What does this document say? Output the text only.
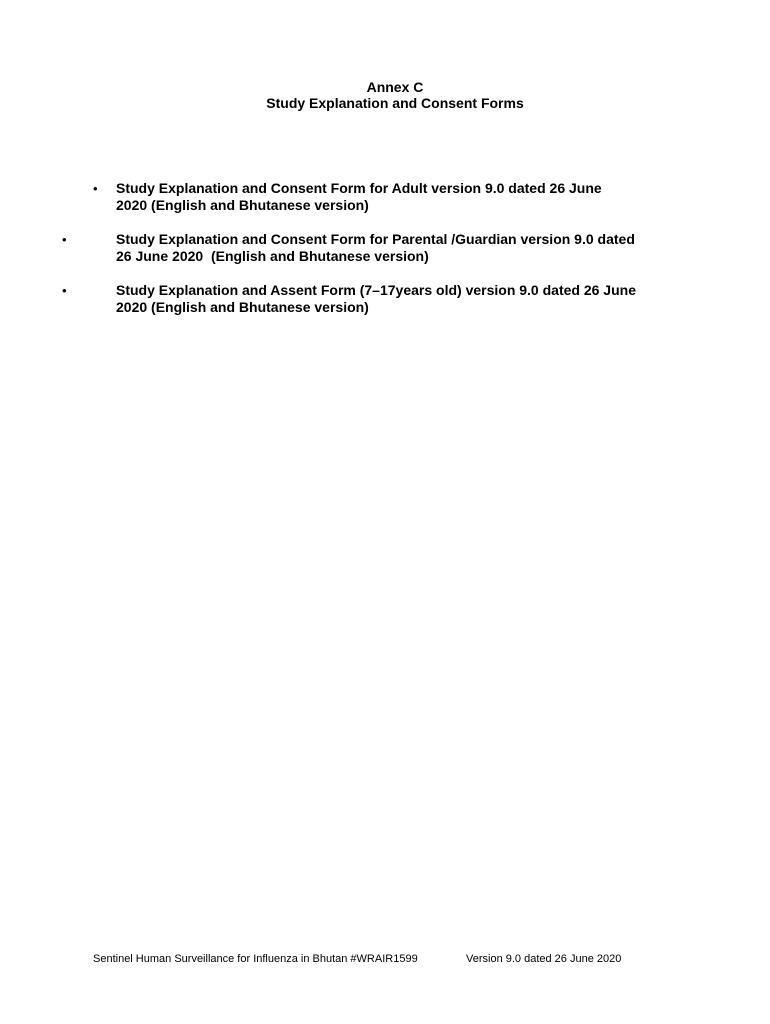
Annex C
Study Explanation and Consent Forms
• Study Explanation and Consent Form for Adult version 9.0 dated 26 June
2020 (English and Bhutanese version)
•	Study Explanation and Consent Form for Parental /Guardian version 9.0 dated
26 June 2020  (English and Bhutanese version)
•	Study Explanation and Assent Form (7–17years old) version 9.0 dated 26 June
2020 (English and Bhutanese version)
Sentinel Human Surveillance for Influenza in Bhutan #WRAIR1599	Version 9.0 dated 26 June 2020
